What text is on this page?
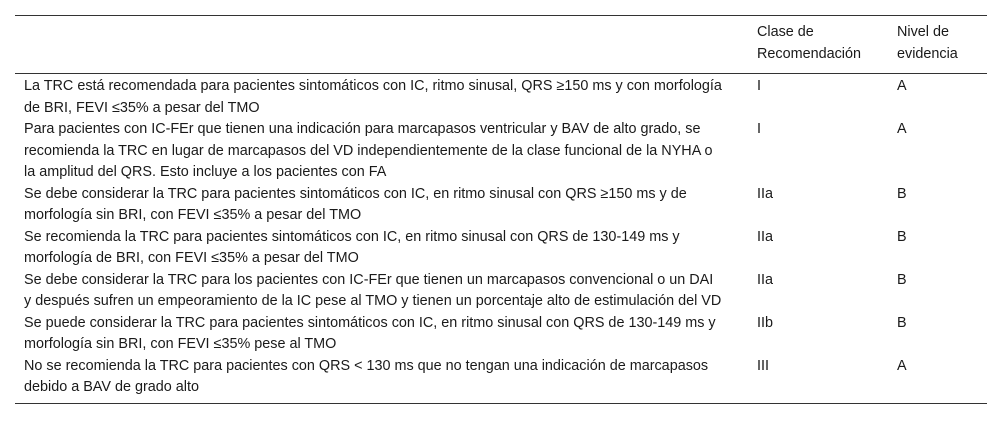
	Clase de Recomendación	Nivel de evidencia
La TRC está recomendada para pacientes sintomáticos con IC, ritmo sinusal, QRS ≥150 ms y con morfología de BRI, FEVI ≤35% a pesar del TMO	I	A
Para pacientes con IC-FEr que tienen una indicación para marcapasos ventricular y BAV de alto grado, se recomienda la TRC en lugar de marcapasos del VD independientemente de la clase funcional de la NYHA o la amplitud del QRS. Esto incluye a los pacientes con FA	I	A
Se debe considerar la TRC para pacientes sintomáticos con IC, en ritmo sinusal con QRS ≥150 ms y de morfología sin BRI, con FEVI ≤35% a pesar del TMO	IIa	B
Se recomienda la TRC para pacientes sintomáticos con IC, en ritmo sinusal con QRS de 130-149 ms y morfología de BRI, con FEVI ≤35% a pesar del TMO	IIa	B
Se debe considerar la TRC para los pacientes con IC-FEr que tienen un marcapasos convencional o un DAI y después sufren un empeoramiento de la IC pese al TMO y tienen un porcentaje alto de estimulación del VD	IIa	B
Se puede considerar la TRC para pacientes sintomáticos con IC, en ritmo sinusal con QRS de 130-149 ms y morfología sin BRI, con FEVI ≤35% pese al TMO	IIb	B
No se recomienda la TRC para pacientes con QRS < 130 ms que no tengan una indicación de marcapasos debido a BAV de grado alto	III	A
